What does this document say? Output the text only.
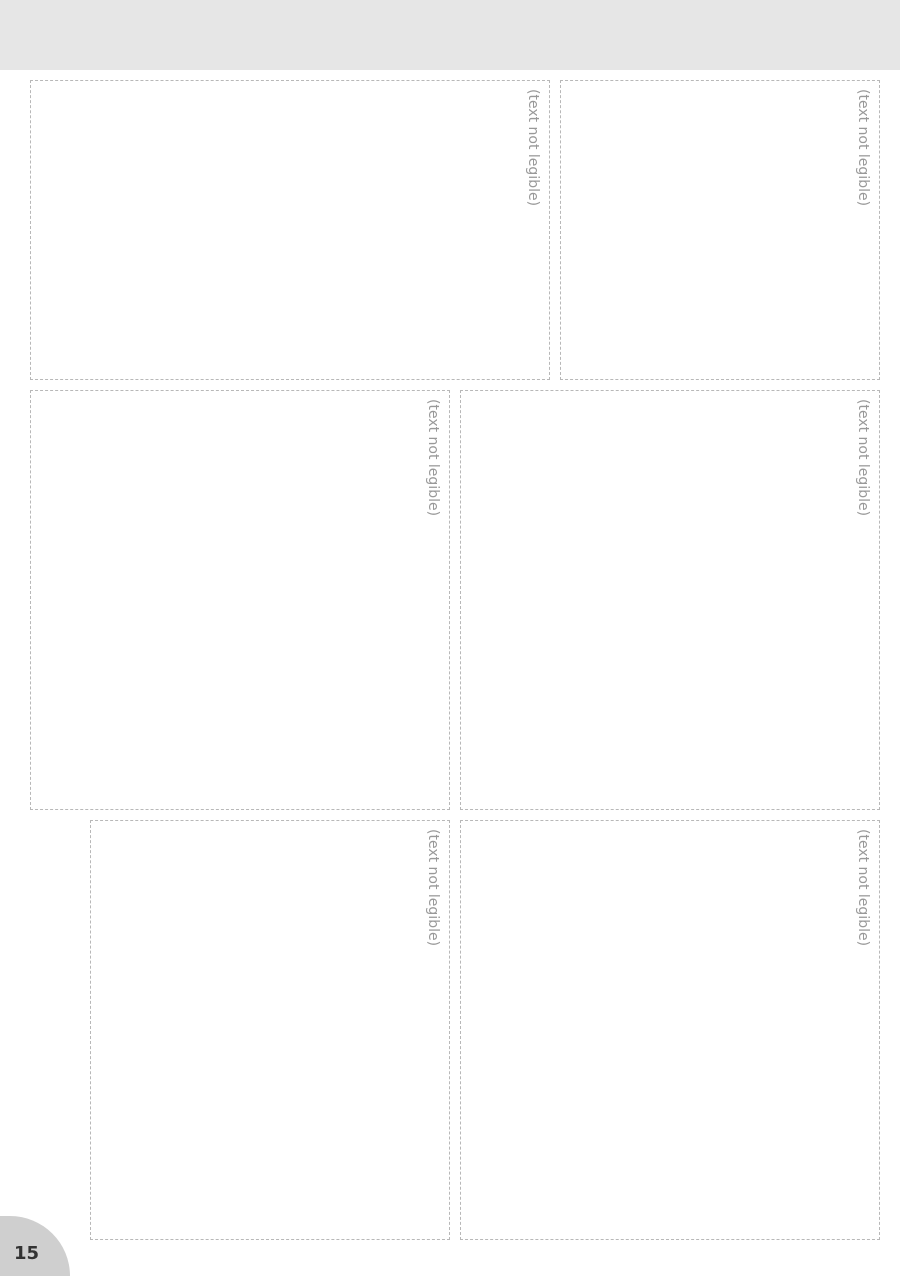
(text not legible)
(text not legible)
(text not legible)
(text not legible)
(text not legible)
(text not legible)
15
